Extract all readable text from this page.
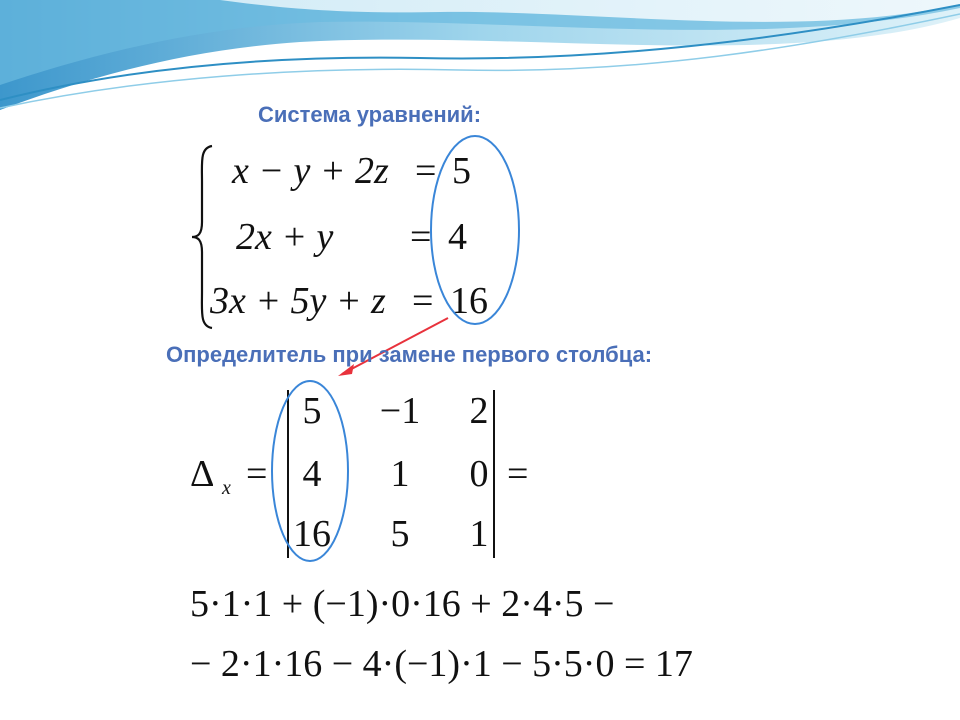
Система уравнений:
x − y + 2z = 5
2x + y = 4
3x + 5y + z = 16
Определитель при замене первого столбца:
Δ x =	=
5	−1	2
4	1	0
16	5	1
5·1·1 + (−1)·0·16 + 2·4·5 −
− 2·1·16 − 4·(−1)·1 − 5·5·0 = 17
